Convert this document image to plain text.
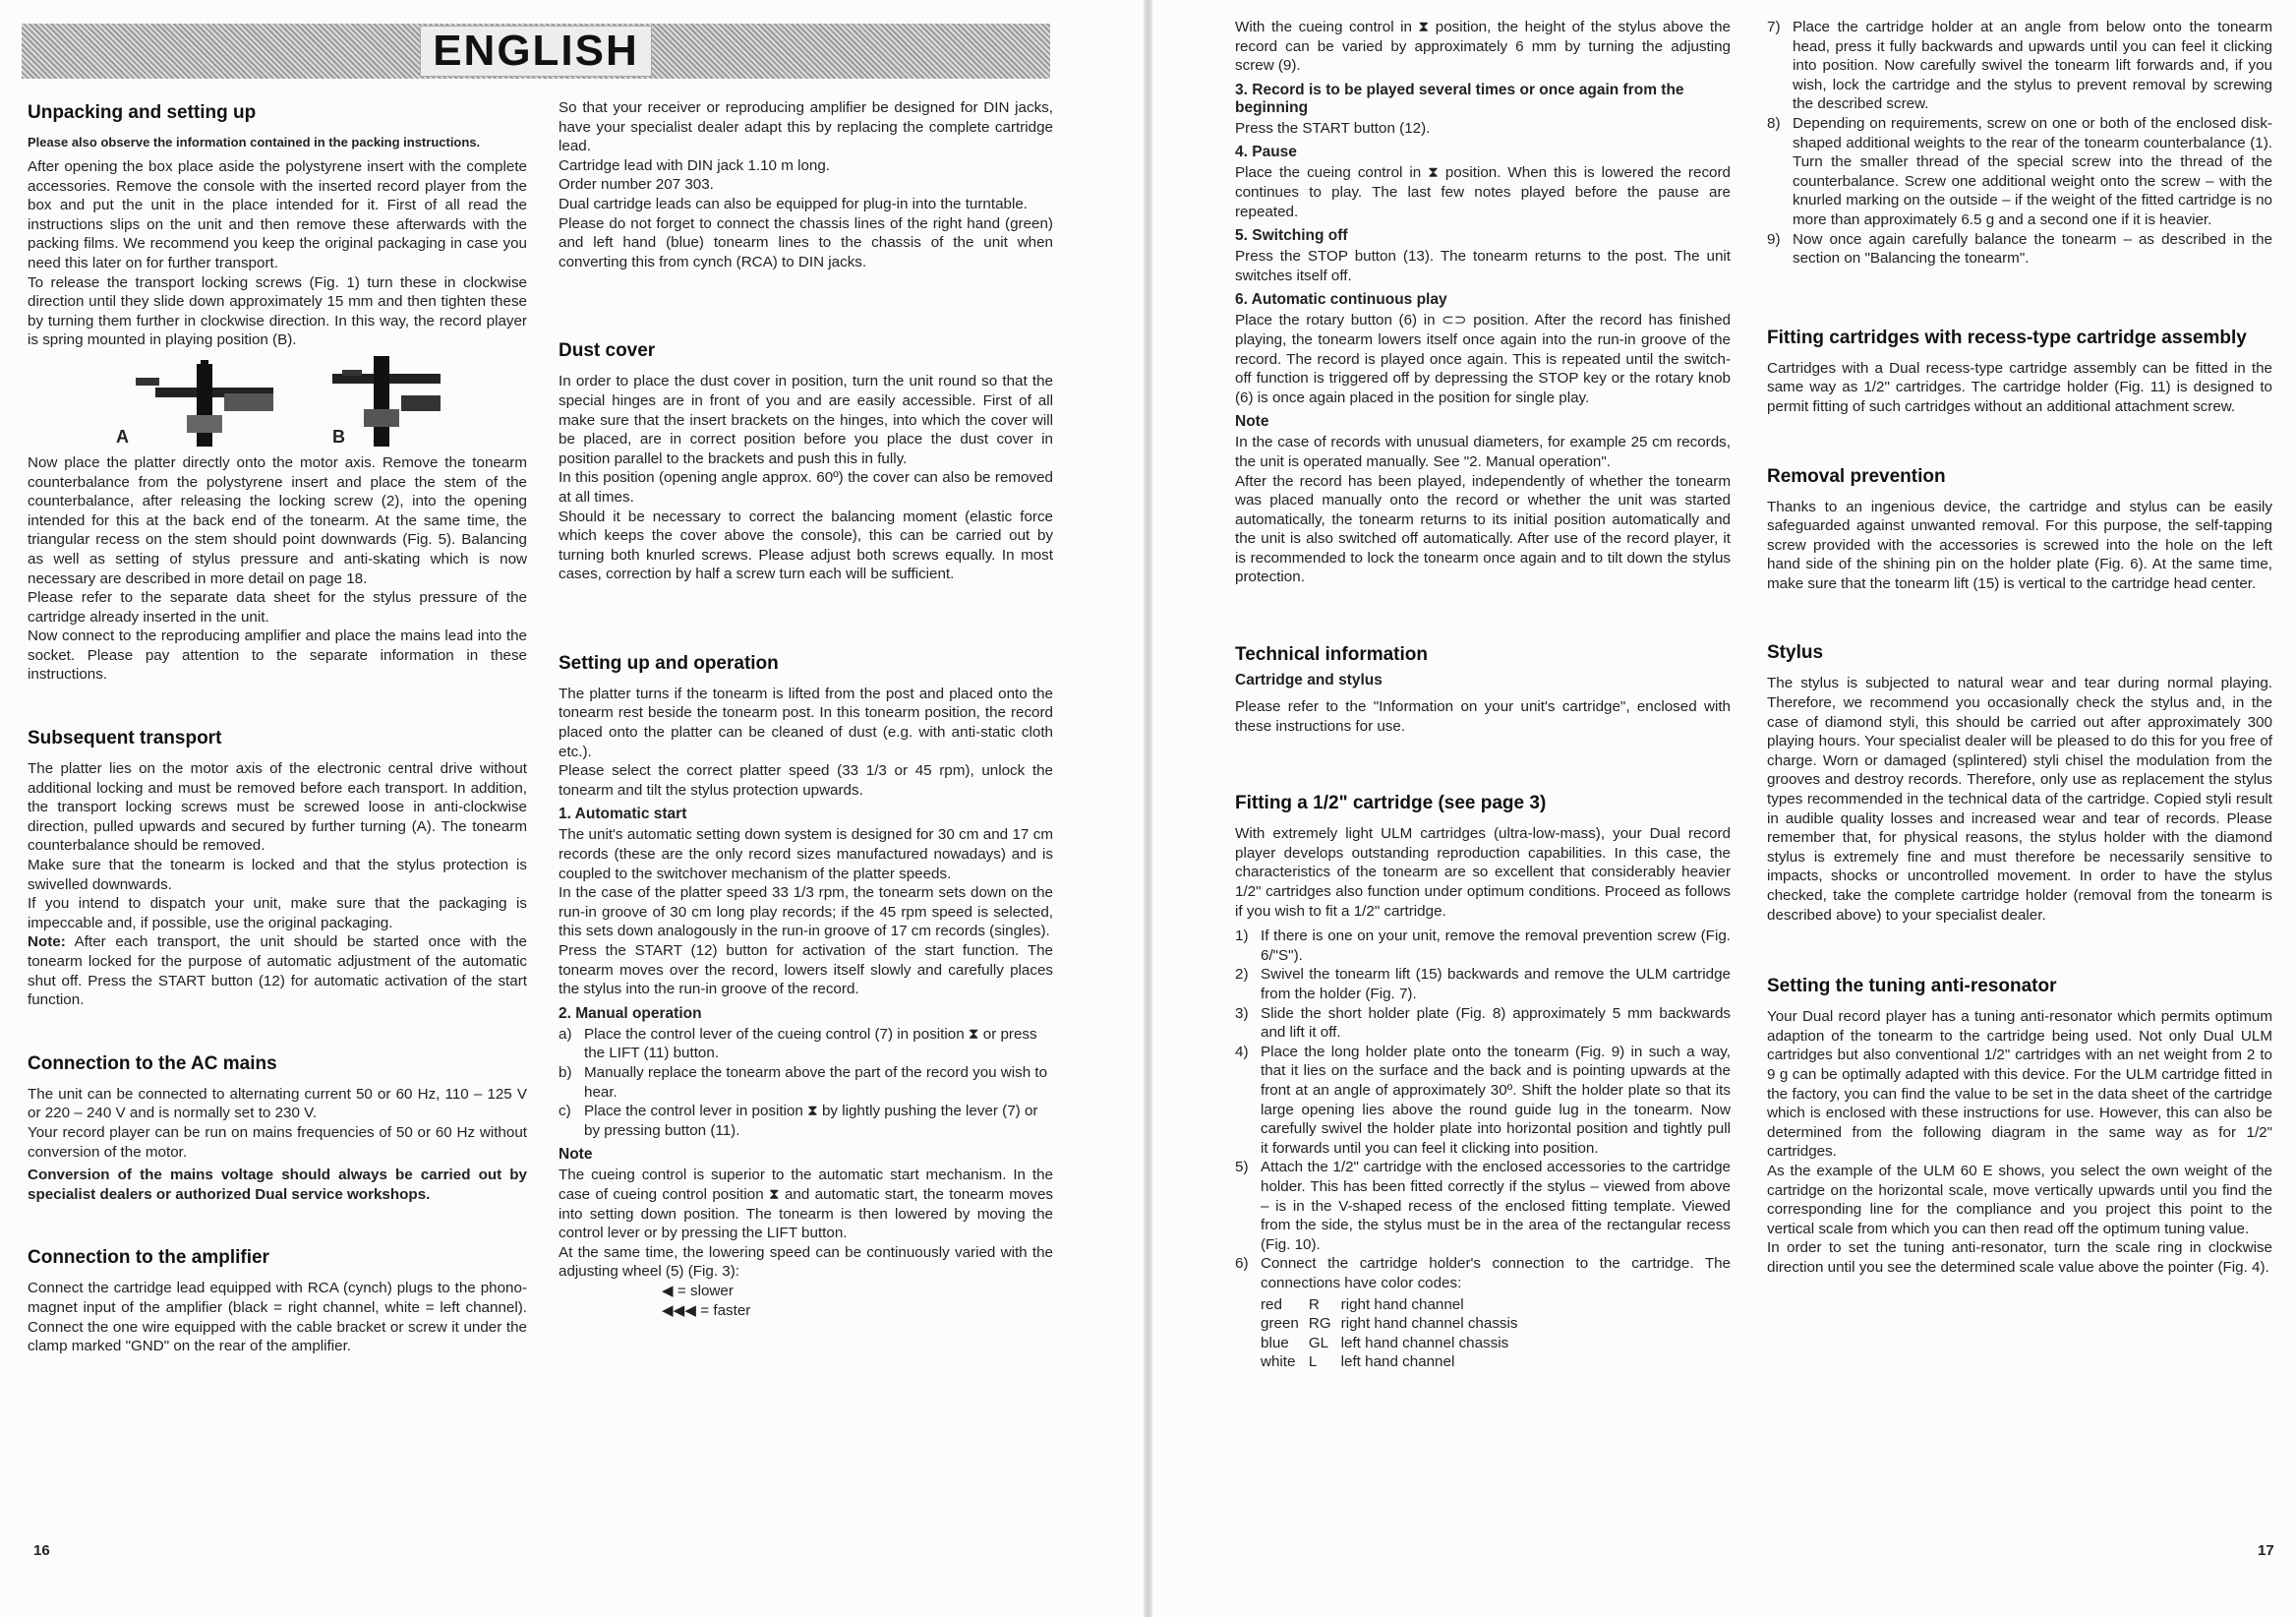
ENGLISH
Unpacking and setting up

Please also observe the information contained in the packing instructions.

After opening the box place aside the polystyrene insert with the complete accessories. Remove the console with the inserted record player from the box and put the unit in the place intended for it. First of all read the instructions slips on the unit and then remove these afterwards with the packing films. We recommend you keep the original packaging in case you need this later on for further transport.

To release the transport locking screws (Fig. 1) turn these in clockwise direction until they slide down approximately 15 mm and then tighten these by turning them further in clockwise direction. In this way, the record player is spring mounted in playing position (B).

A	B

Now place the platter directly onto the motor axis. Remove the tonearm counterbalance from the polystyrene insert and place the stem of the counterbalance, after releasing the locking screw (2), into the opening intended for this at the back end of the tonearm. At the same time, the triangular recess on the stem should point downwards (Fig. 5). Balancing as well as setting of stylus pressure and anti-skating which is now necessary are described in more detail on page 18.

Please refer to the separate data sheet for the stylus pressure of the cartridge already inserted in the unit.

Now connect to the reproducing amplifier and place the mains lead into the socket. Please pay attention to the separate information in these instructions.

Subsequent transport

The platter lies on the motor axis of the electronic central drive without additional locking and must be removed before each transport. In addition, the transport locking screws must be screwed loose in anti-clockwise direction, pulled upwards and secured by further turning (A). The tonearm counterbalance should be removed.

Make sure that the tonearm is locked and that the stylus protection is swivelled downwards.

If you intend to dispatch your unit, make sure that the packaging is impeccable and, if possible, use the original packaging.

Note: After each transport, the unit should be started once with the tonearm locked for the purpose of automatic adjustment of the automatic shut off. Press the START button (12) for automatic activation of the start function.

Connection to the AC mains

The unit can be connected to alternating current 50 or 60 Hz, 110 – 125 V or 220 – 240 V and is normally set to 230 V.

Your record player can be run on mains frequencies of 50 or 60 Hz without conversion of the motor.

Conversion of the mains voltage should always be carried out by specialist dealers or authorized Dual service workshops.

Connection to the amplifier

Connect the cartridge lead equipped with RCA (cynch) plugs to the phono-magnet input of the amplifier (black = right channel, white = left channel). Connect the one wire equipped with the cable bracket or screw it under the clamp marked "GND" on the rear of the amplifier.

So that your receiver or reproducing amplifier be designed for DIN jacks, have your specialist dealer adapt this by replacing the complete cartridge lead.

Cartridge lead with DIN jack 1.10 m long.

Order number 207 303.

Dual cartridge leads can also be equipped for plug-in into the turntable.

Please do not forget to connect the chassis lines of the right hand (green) and left hand (blue) tonearm lines to the chassis of the unit when converting this from cynch (RCA) to DIN jacks.

Dust cover

In order to place the dust cover in position, turn the unit round so that the special hinges are in front of you and are easily accessible. First of all make sure that the insert brackets on the hinges, into which the cover will be placed, are in correct position before you place the dust cover in position parallel to the brackets and push this in fully.

In this position (opening angle approx. 60º) the cover can also be removed at all times.

Should it be necessary to correct the balancing moment (elastic force which keeps the cover above the console), this can be carried out by turning both knurled screws. Please adjust both screws equally. In most cases, correction by half a screw turn each will be sufficient.

Setting up and operation

The platter turns if the tonearm is lifted from the post and placed onto the tonearm rest beside the tonearm post. In this tonearm position, the record placed onto the platter can be cleaned of dust (e.g. with anti-static cloth etc.).

Please select the correct platter speed (33 1/3 or 45 rpm), unlock the tonearm and tilt the stylus protection upwards.

1. Automatic start

The unit's automatic setting down system is designed for 30 cm and 17 cm records (these are the only record sizes manufactured nowadays) and is coupled to the switchover mechanism of the platter speeds.

In the case of the platter speed 33 1/3 rpm, the tonearm sets down on the run-in groove of 30 cm long play records; if the 45 rpm speed is selected, this sets down analogously in the run-in groove of 17 cm records (singles).

Press the START (12) button for activation of the start function. The tonearm moves over the record, lowers itself slowly and carefully places the stylus into the run-in groove of the record.

2. Manual operation
a) Place the control lever of the cueing control (7) in position ⧗ or press the LIFT (11) button.
b) Manually replace the tonearm above the part of the record you wish to hear.
c) Place the control lever in position ⧗ by lightly pushing the lever (7) or by pressing button (11).
Note

The cueing control is superior to the automatic start mechanism. In the case of cueing control position ⧗ and automatic start, the tonearm moves into setting down position. The tonearm is then lowered by moving the control lever or by pressing the LIFT button.

At the same time, the lowering speed can be continuously varied with the adjusting wheel (5) (Fig. 3):

◀ = slower
◀◀◀ = faster
16

With the cueing control in ⧗ position, the height of the stylus above the record can be varied by approximately 6 mm by turning the adjusting screw (9).

3. Record is to be played several times or once again from the beginning

Press the START button (12).

4. Pause

Place the cueing control in ⧗ position. When this is lowered the record continues to play. The last few notes played before the pause are repeated.

5. Switching off

Press the STOP button (13). The tonearm returns to the post. The unit switches itself off.

6. Automatic continuous play

Place the rotary button (6) in ⊂⊃ position. After the record has finished playing, the tonearm lowers itself once again into the run-in groove of the record. The record is played once again. This is repeated until the switch-off function is triggered off by depressing the STOP key or the rotary knob (6) is once again placed in the position for single play.

Note

In the case of records with unusual diameters, for example 25 cm records, the unit is operated manually. See "2. Manual operation".

After the record has been played, independently of whether the tonearm was placed manually onto the record or whether the unit was started automatically, the tonearm returns to its initial position automatically and the unit is also switched off automatically. After use of the record player, it is recommended to lock the tonearm once again and to tilt down the stylus protection.

Technical information
Cartridge and stylus

Please refer to the "Information on your unit's cartridge", enclosed with these instructions for use.

Fitting a 1/2" cartridge (see page 3)

With extremely light ULM cartridges (ultra-low-mass), your Dual record player develops outstanding reproduction capabilities. In this case, the characteristics of the tonearm are so excellent that considerably heavier 1/2" cartridges also function under optimum conditions. Proceed as follows if you wish to fit a 1/2" cartridge.

1) If there is one on your unit, remove the removal prevention screw (Fig. 6/"S").
2) Swivel the tonearm lift (15) backwards and remove the ULM cartridge from the holder (Fig. 7).
3) Slide the short holder plate (Fig. 8) approximately 5 mm backwards and lift it off.
4) Place the long holder plate onto the tonearm (Fig. 9) in such a way, that it lies on the surface and the back and is pointing upwards at the front at an angle of approximately 30º. Shift the holder plate so that its large opening lies above the round guide lug in the tonearm. Now carefully swivel the holder plate into horizontal position and tightly pull it forwards until you can feel it clicking into position.
5) Attach the 1/2" cartridge with the enclosed accessories to the cartridge holder. This has been fitted correctly if the stylus – viewed from above – is in the V-shaped recess of the enclosed fitting template. Viewed from the side, the stylus must be in the area of the rectangular recess (Fig. 10).
6) Connect the cartridge holder's connection to the cartridge. The connections have color codes:
red	R	right hand channel
green	RG	right hand channel chassis
blue	GL	left hand channel chassis
white	L	left hand channel
7) Place the cartridge holder at an angle from below onto the tonearm head, press it fully backwards and upwards until you can feel it clicking into position. Now carefully swivel the tonearm lift forwards and, if you wish, lock the cartridge and the stylus to prevent removal by screwing the described screw.
8) Depending on requirements, screw on one or both of the enclosed disk-shaped additional weights to the rear of the tonearm counterbalance (1). Turn the smaller thread of the special screw into the thread of the counterbalance. Screw one additional weight onto the screw – with the knurled marking on the outside – if the weight of the fitted cartridge is no more than approximately 6.5 g and a second one if it is heavier.
9) Now once again carefully balance the tonearm – as described in the section on "Balancing the tonearm".
Fitting cartridges with recess-type cartridge assembly

Cartridges with a Dual recess-type cartridge assembly can be fitted in the same way as 1/2" cartridges. The cartridge holder (Fig. 11) is designed to permit fitting of such cartridges without an additional attachment screw.

Removal prevention

Thanks to an ingenious device, the cartridge and stylus can be easily safeguarded against unwanted removal. For this purpose, the self-tapping screw provided with the accessories is screwed into the hole on the left hand side of the shining pin on the holder plate (Fig. 6). At the same time, make sure that the tonearm lift (15) is vertical to the cartridge head center.

Stylus

The stylus is subjected to natural wear and tear during normal playing. Therefore, we recommend you occasionally check the stylus and, in the case of diamond styli, this should be carried out after approximately 300 playing hours. Your specialist dealer will be pleased to do this for you free of charge. Worn or damaged (splintered) styli chisel the modulation from the grooves and destroy records. Therefore, only use as replacement the stylus types recommended in the technical data of the cartridge. Copied styli result in audible quality losses and increased wear and tear of records. Please remember that, for physical reasons, the stylus holder with the diamond stylus is extremely fine and must therefore be necessarily sensitive to impacts, shocks or uncontrolled movement. In order to have the stylus checked, take the complete cartridge holder (removal from the tonearm is described above) to your specialist dealer.

Setting the tuning anti-resonator

Your Dual record player has a tuning anti-resonator which permits optimum adaption of the tonearm to the cartridge being used. Not only Dual ULM cartridges but also conventional 1/2" cartridges with an net weight from 2 to 9 g can be optimally adapted with this device. For the ULM cartridge fitted in the factory, you can find the value to be set in the data sheet of the cartridge which is enclosed with these instructions for use. However, this can also be determined from the following diagram in the same way as for 1/2" cartridges.

As the example of the ULM 60 E shows, you select the own weight of the cartridge on the horizontal scale, move vertically upwards until you find the corresponding line for the compliance and you project this point to the vertical scale from which you can then read off the optimum tuning value.

In order to set the tuning anti-resonator, turn the scale ring in clockwise direction until you see the determined scale value above the pointer (Fig. 4).

17
